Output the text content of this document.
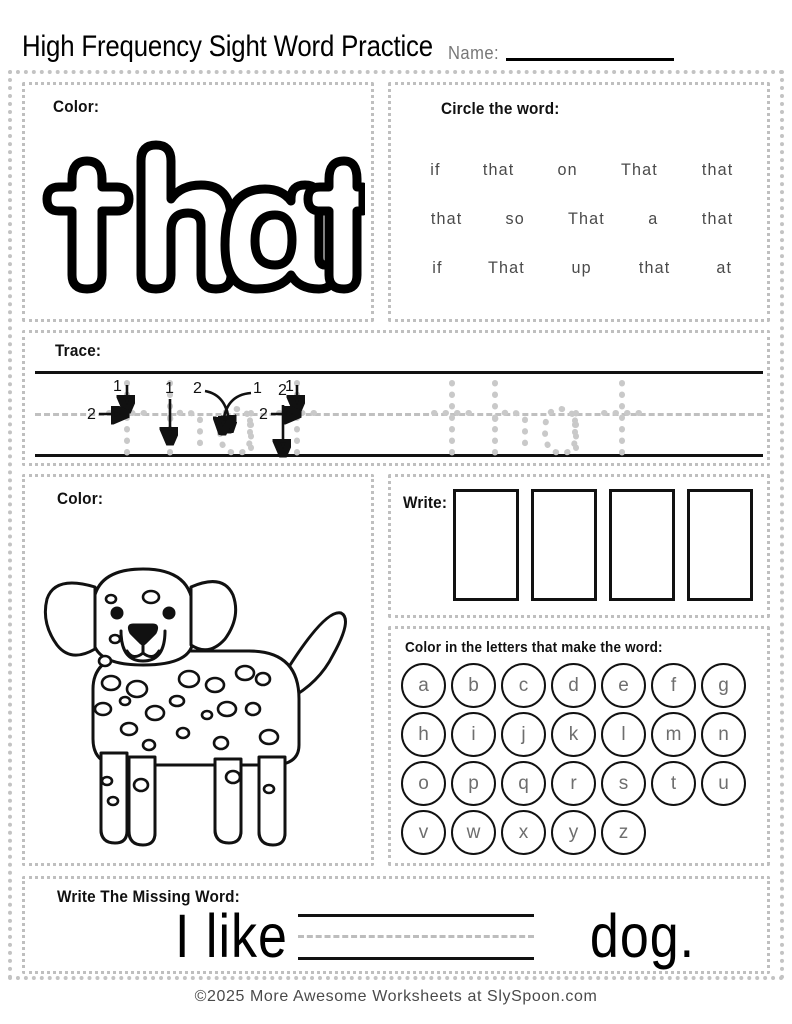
High Frequency Sight Word Practice Name:
Color:	Circle the word:
if	that	on	That	that
that	so	That	a	that
if	That	up	that	at
Trace:
1
2
1 2	1 2
1
2
Color:	Write:
Color in the letters that make the word:
a	b	c	d	e	f	g
h	i	j	k	l	m	n
o	p	q	r	s	t	u
v	w	x	y	z
Write The Missing Word:
I like	dog.
©2025 More Awesome Worksheets at SlySpoon.com
